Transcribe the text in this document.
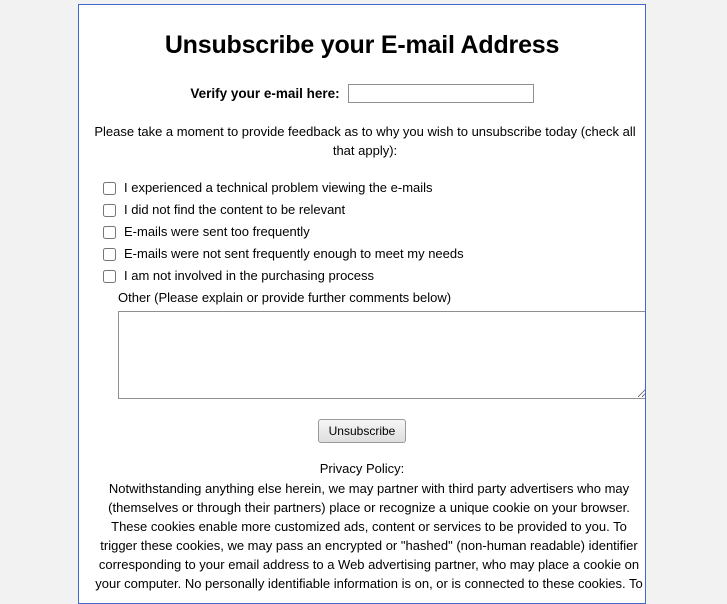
Unsubscribe your E-mail Address
Verify your e-mail here:
Please take a moment to provide feedback as to why you wish to unsubscribe today (check all that apply):
I experienced a technical problem viewing the e-mails
I did not find the content to be relevant
E-mails were sent too frequently
E-mails were not sent frequently enough to meet my needs
I am not involved in the purchasing process
Other (Please explain or provide further comments below)
Unsubscribe
Privacy Policy:
Notwithstanding anything else herein, we may partner with third party advertisers who may (themselves or through their partners) place or recognize a unique cookie on your browser. These cookies enable more customized ads, content or services to be provided to you. To trigger these cookies, we may pass an encrypted or "hashed" (non-human readable) identifier corresponding to your email address to a Web advertising partner, who may place a cookie on your computer. No personally identifiable information is on, or is connected to these cookies. To
